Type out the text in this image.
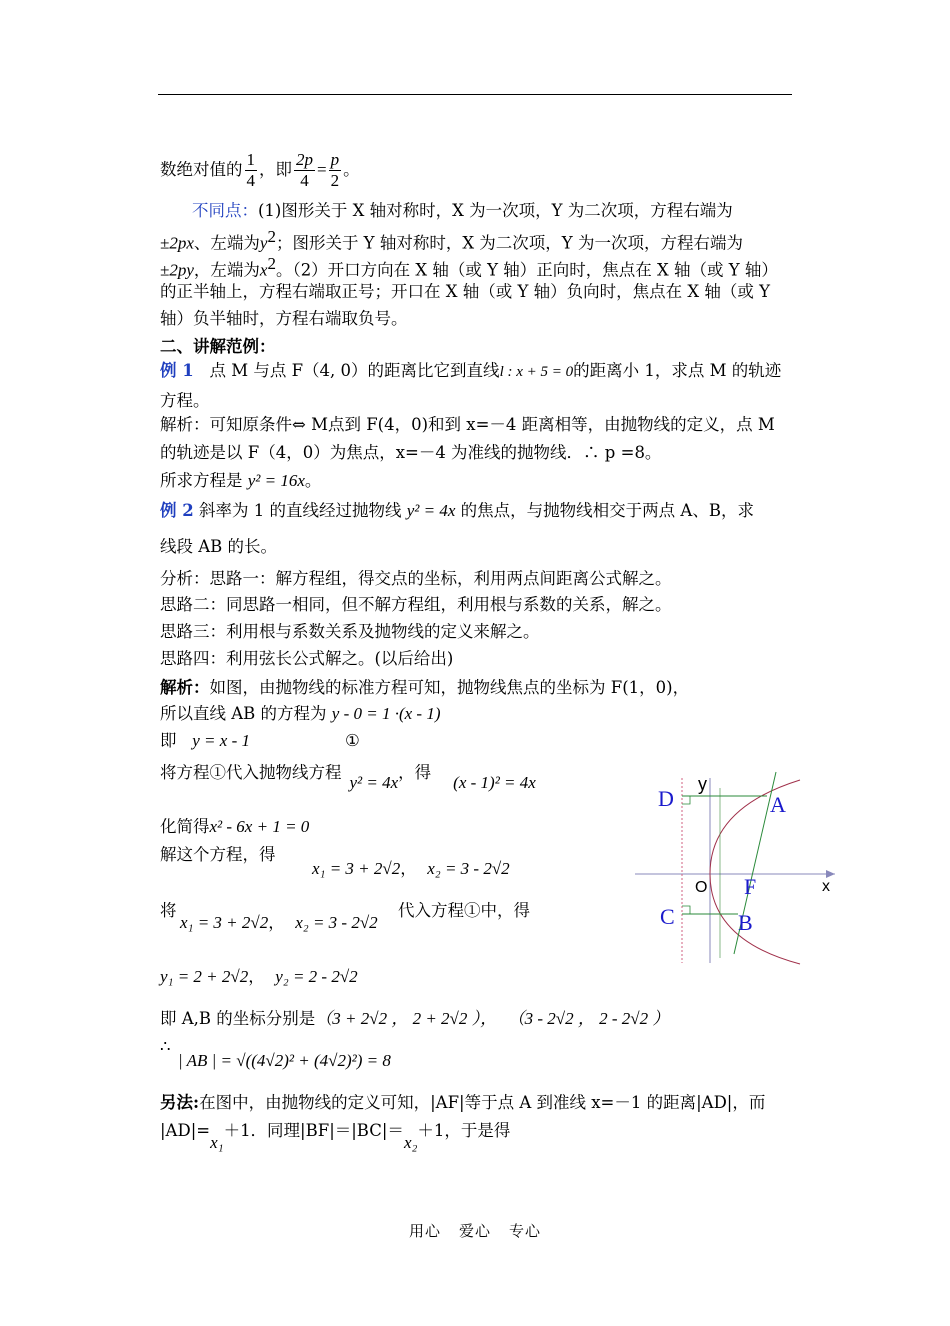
数绝对值的 $\frac{1}{4}$ ，即 $\frac{2p}{4} = \frac{p}{2}$ 。
不同点：(1)图形关于 X 轴对称时，X 为一次项，Y 为二次项，方程右端为
±2px、左端为$y^2$；图形关于 Y 轴对称时，X 为二次项，Y 为一次项，方程右端为
±2py，左端为$x^2$。（2）开口方向在 X 轴（或 Y 轴）正向时，焦点在 X 轴（或 Y 轴）
的正半轴上，方程右端取正号；开口在 X 轴（或 Y 轴）负向时，焦点在 X 轴（或 Y
轴）负半轴时，方程右端取负号。
二、讲解范例：
例 1 点 M 与点 F（4, 0）的距离比它到直线l : x + 5 = 0的距离小 1，求点 M 的轨迹
方程。
解析：可知原条件⇔ M点到 F(4，0)和到 x=－4 距离相等，由抛物线的定义，点 M
的轨迹是以 F（4，0）为焦点，x=－4 为准线的抛物线．∴ p =8。
所求方程是 y² = 16x。
例 2 斜率为 1 的直线经过抛物线 y² = 4x 的焦点，与抛物线相交于两点 A、B，求
线段 AB 的长。
分析：思路一：解方程组，得交点的坐标，利用两点间距离公式解之。
思路二：同思路一相同，但不解方程组，利用根与系数的关系，解之。
思路三：利用根与系数关系及抛物线的定义来解之。
思路四：利用弦长公式解之。(以后给出)
解析：如图，由抛物线的标准方程可知，抛物线焦点的坐标为 F(1，0)，
所以直线 AB 的方程为 y - 0 = 1 ·(x - 1)
即 y = x - 1	①
将方程①代入抛物线方程y² = 4x，得(x - 1)² = 4x
化简得x² - 6x + 1 = 0
解这个方程，得
x₁ = 3 + 2√2，  x₂ = 3 - 2√2
将
x₁ = 3 + 2√2，  x₂ = 3 - 2√2
代入方程①中，得
y₁ = 2 + 2√2，  y₂ = 2 - 2√2
即 A,B 的坐标分别是（3 + 2√2 ， 2 + 2√2 ）， （3 - 2√2 ， 2 - 2√2 ）
∴
| AB | = √((4√2)² + (4√2)²) = 8
另法:在图中，由抛物线的定义可知，|AF|等于点 A 到准线 x=－1 的距离|AD|，而
|AD|=x₁＋1．同理|BF|＝|BC|＝x₂＋1，于是得
D	A
y
O F	x
C	B
用心 爱心 专心
